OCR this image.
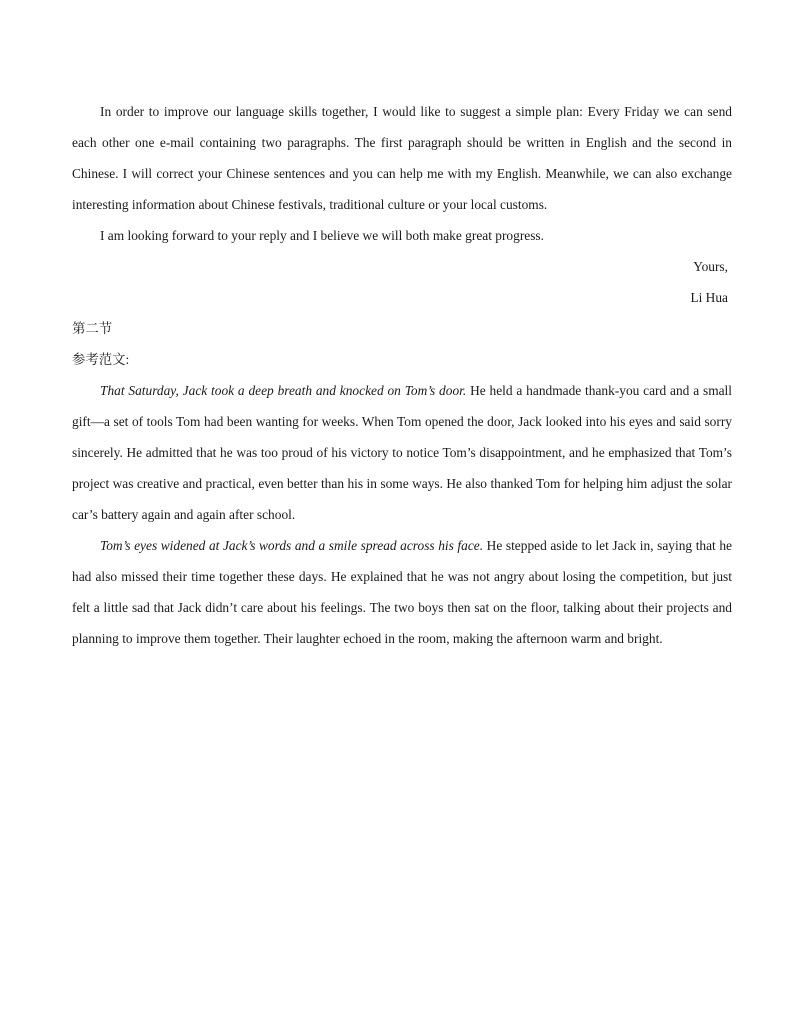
In order to improve our language skills together, I would like to suggest a simple plan: Every Friday we can send each other one e-mail containing two paragraphs. The first paragraph should be written in English and the second in Chinese. I will correct your Chinese sentences and you can help me with my English. Meanwhile, we can also exchange interesting information about Chinese festivals, traditional culture or your local customs.

I am looking forward to your reply and I believe we will both make great progress.

Yours,

Li Hua

第二节

参考范文:

That Saturday, Jack took a deep breath and knocked on Tom’s door. He held a handmade thank-you card and a small gift—a set of tools Tom had been wanting for weeks. When Tom opened the door, Jack looked into his eyes and said sorry sincerely. He admitted that he was too proud of his victory to notice Tom’s disappointment, and he emphasized that Tom’s project was creative and practical, even better than his in some ways. He also thanked Tom for helping him adjust the solar car’s battery again and again after school.

Tom’s eyes widened at Jack’s words and a smile spread across his face. He stepped aside to let Jack in, saying that he had also missed their time together these days. He explained that he was not angry about losing the competition, but just felt a little sad that Jack didn’t care about his feelings. The two boys then sat on the floor, talking about their projects and planning to improve them together. Their laughter echoed in the room, making the afternoon warm and bright.
